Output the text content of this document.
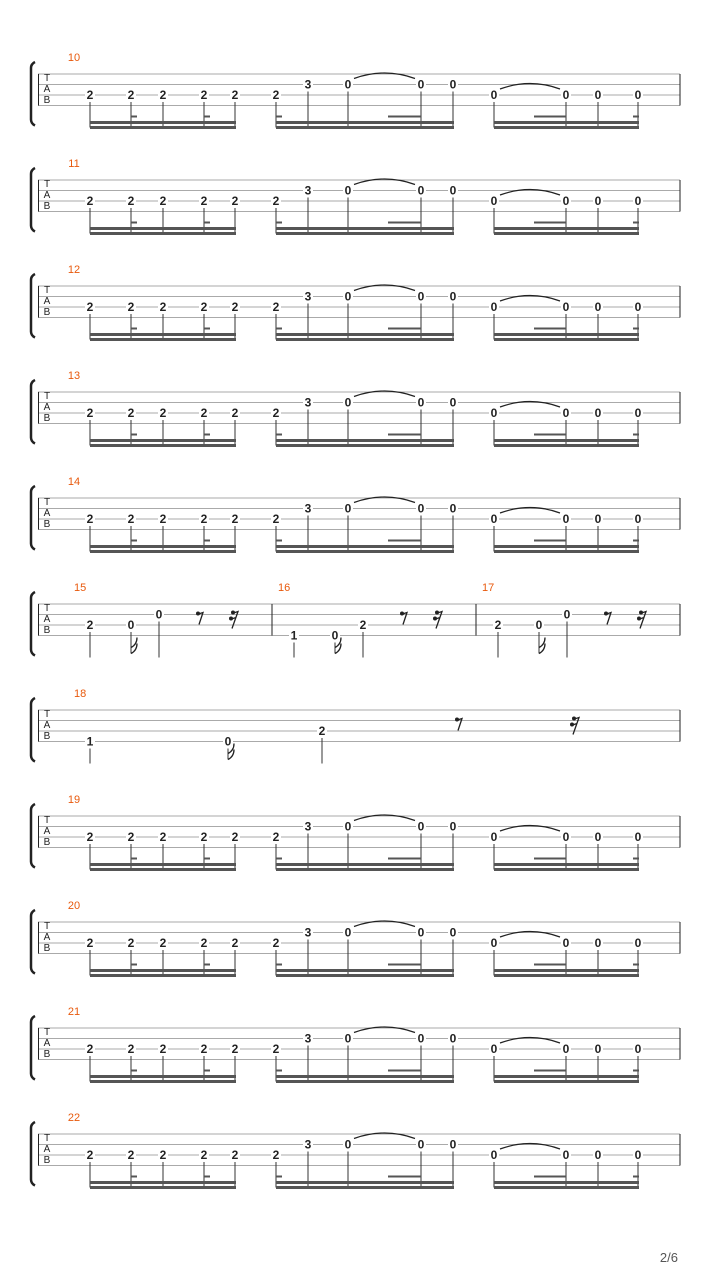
T
A
B
10
2	2 2	2 2	2
3	0	0 0
0	0 0	0
T
A
B
11
2	2 2	2 2	2
3	0	0 0
0	0 0	0
T
A
B
12
2	2 2	2 2	2
3	0	0 0
0	0 0	0
T
A
B
13
2	2 2	2 2	2
3	0	0 0
0	0 0	0
T
A
B
14
2	2 2	2 2	2
3	0	0 0
0	0 0	0
T
A
B
15
2	0
0
16
1	0
2
17
2	0
0
T
A
B
18
1	0
2
T
A
B
19
2	2 2	2 2	2
3	0	0 0
0	0 0	0
T
A
B
20
2	2 2	2 2	2
3	0	0 0
0	0 0	0
T
A
B
21
2	2 2	2 2	2
3	0	0 0
0	0 0	0
T
A
B
22
2	2 2	2 2	2
3	0	0 0
0	0 0	0
2/6
